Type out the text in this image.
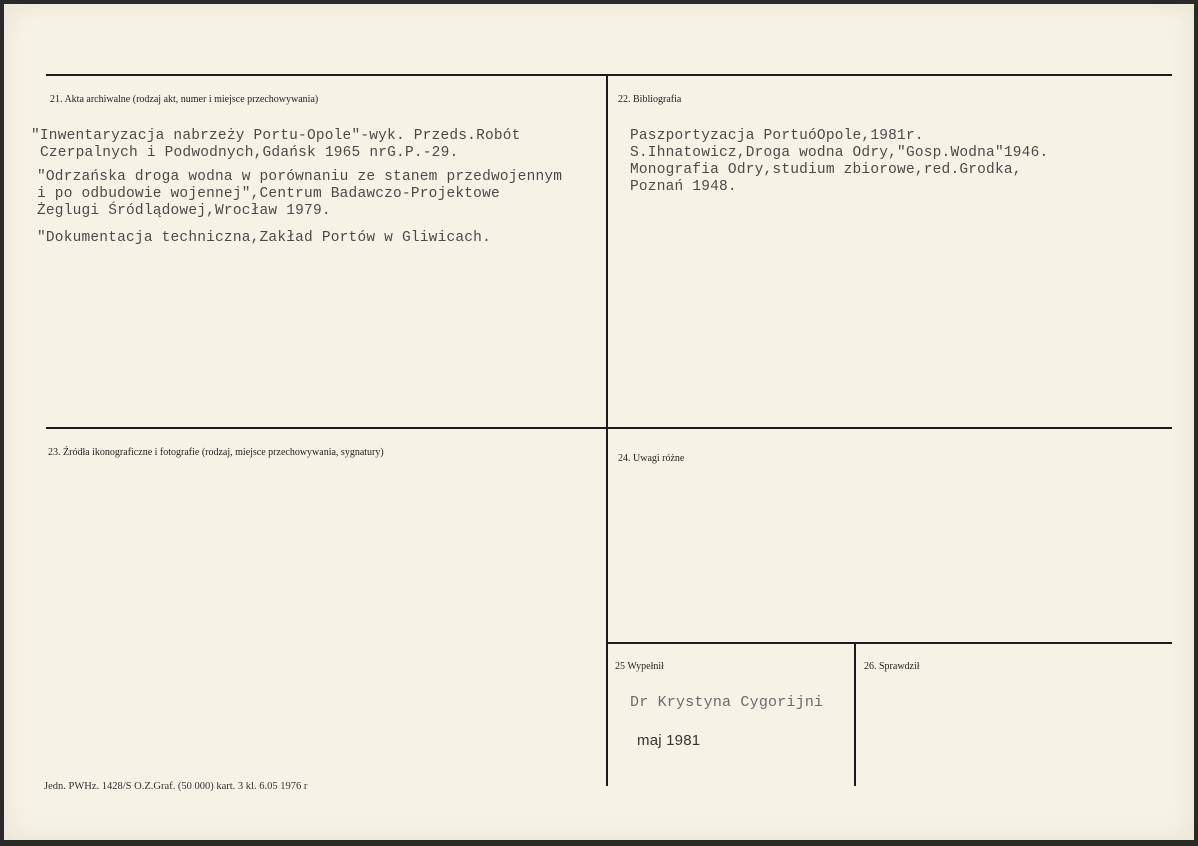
21. Akta archiwalne (rodzaj akt, numer i miejsce przechowywania)
"Inwentaryzacja nabrzeży Portu-Opole"-wyk. Przeds.Robót
Czerpalnych i Podwodnych,Gdańsk 1965 nrG.P.-29.
"Odrzańska droga wodna w porównaniu ze stanem przedwojennym
i po odbudowie wojennej",Centrum Badawczo-Projektowe
Żeglugi Śródlądowej,Wrocław 1979.
"Dokumentacja techniczna,Zakład Portów w Gliwicach.
22. Bibliografia
Paszportyzacja PortuóOpole,1981r.
S.Ihnatowicz,Droga wodna Odry,"Gosp.Wodna"1946.
Monografia Odry,studium zbiorowe,red.Grodka,
Poznań 1948.
23. Źródła ikonograficzne i fotografie (rodzaj, miejsce przechowywania, sygnatury)
24. Uwagi różne
25 Wypełnił
Dr Krystyna Cygorijni
maj 1981
26. Sprawdził
Jedn. PWHz. 1428/S O.Z.Graf. (50 000) kart. 3 kl. 6.05 1976 r
